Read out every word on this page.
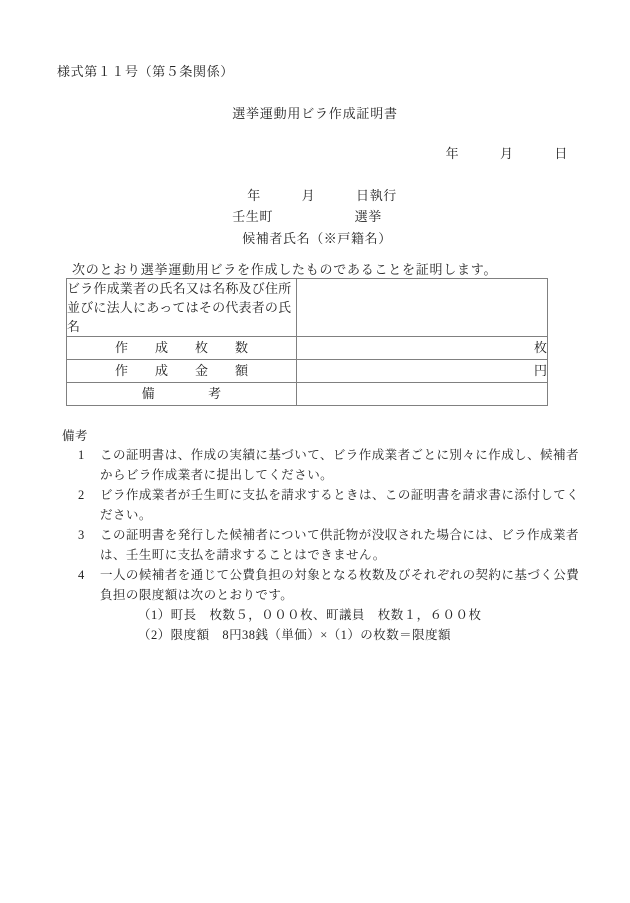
様式第１１号（第５条関係）
選挙運動用ビラ作成証明書
年　　　月　　　日
年　　　月　　　日執行
壬生町　　　　　　選挙
候補者氏名（※戸籍名）
次のとおり選挙運動用ビラを作成したものであることを証明します。
ビラ作成業者の氏名又は名称及び住所並びに法人にあってはその代表者の氏名	
作　成　枚　数	枚
作　成　金　額	円
備　　　　考	
備考
1 この証明書は、作成の実績に基づいて、ビラ作成業者ごとに別々に作成し、候補者からビラ作成業者に提出してください。
2 ビラ作成業者が壬生町に支払を請求するときは、この証明書を請求書に添付してください。
3 この証明書を発行した候補者について供託物が没収された場合には、ビラ作成業者は、壬生町に支払を請求することはできません。
4 一人の候補者を通じて公費負担の対象となる枚数及びそれぞれの契約に基づく公費負担の限度額は次のとおりです。
（1）町長　枚数５，０００枚、町議員　枚数１，６００枚
（2）限度額　8円38銭（単価）×（1）の枚数＝限度額
